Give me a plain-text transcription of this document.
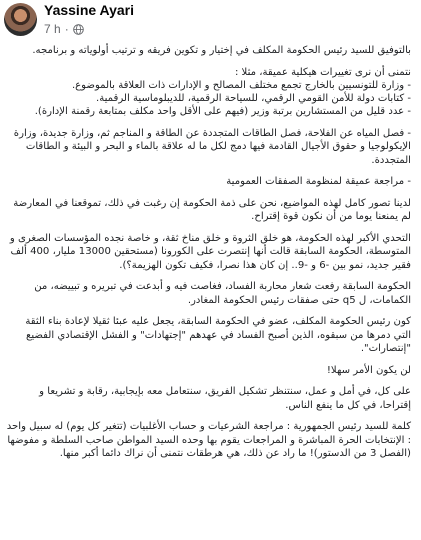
Yassine Ayari
7 h ·

بالتوفيق للسيد رئيس الحكومة المكلف في إختيار و تكوين فريقه و ترتيب أولوياته و برنامجه.

نتمنى أن نرى تغييرات هيكلية عميقة، مثلا :
- وزارة للتونسيين بالخارج تجمع مختلف المصالح و الإدارات ذات العلاقة بالموضوع.
- كتابات دولة للأمن القومي الرقمي، للسياحة الرقمية، للديبلوماسية الرقمية.
- عدد قليل من المستشارين برتبة وزير (فيهم على الأقل واحد مكلف بمتابعة رقمنة الإدارة).

- فصل المياه عن الفلاحة، فصل الطاقات المتجددة عن الطاقة و المناجم ثم، وزارة جديدة، وزارة الإيكولوجيا و حقوق الأجيال القادمة فيها دمج لكل ما له علاقة بالماء و البحر و البيئة و الطاقات المتجددة.

- مراجعة عميقة لمنظومة الصفقات العمومية

لدينا تصور كامل لهذه المواضيع، نحن على ذمة الحكومة إن رغبت في ذلك، تموقعنا في المعارضة لم يمنعنا يوما من أن نكون قوة إقتراح.

التحدي الأكبر لهذه الحكومة، هو خلق الثروة و خلق مناخ ثقة، و خاصة نجده المؤسسات الصغرى و المتوسطة، الحكومة السابقة قالت أنها إنتصرت على الكورونا (مستحقين 13000 مليار، 400 ألف فقير جديد، نمو بين -6 و -9.. إن كان هذا نصرا، فكيف تكون الهزيمة؟).

الحكومة السابقة رفعت شعار محاربة الفساد، فغاصت فيه و أبدعت في تبريره و تبييضه، من الكمامات، ل q5 حتى صفقات رئيس الحكومة المغادر.

كون رئيس الحكومة المكلف، عضو في الحكومة السابقة، يجعل عليه عبئا ثقيلا لإعادة بناء الثقة التي دمرها من سبقوه، الذين أصبح الفساد في عهدهم "إجتهادات" و الفشل الإقتصادي الفضيع "إنتصارات".

لن يكون الأمر سهلا!

على كل، في أمل و عمل، سنتنظر تشكيل الفريق، سنتعامل معه بإيجابية، رقابة و تشريعا و إقتراحا، في كل ما ينفع الناس.

كلمة للسيد رئيس الجمهورية : مراجعة الشرعيات و حساب الأغلبيات (تتغير كل يوم) له سبيل واحد : الإنتخابات الحرة المباشرة و المراجعات يقوم بها وحده السيد المواطن صاحب السلطة و مفوضها (الفصل 3 من الدستور)! ما راد عن ذلك، هي هرطقات نتمنى أن نراك دائما أكبر منها.
